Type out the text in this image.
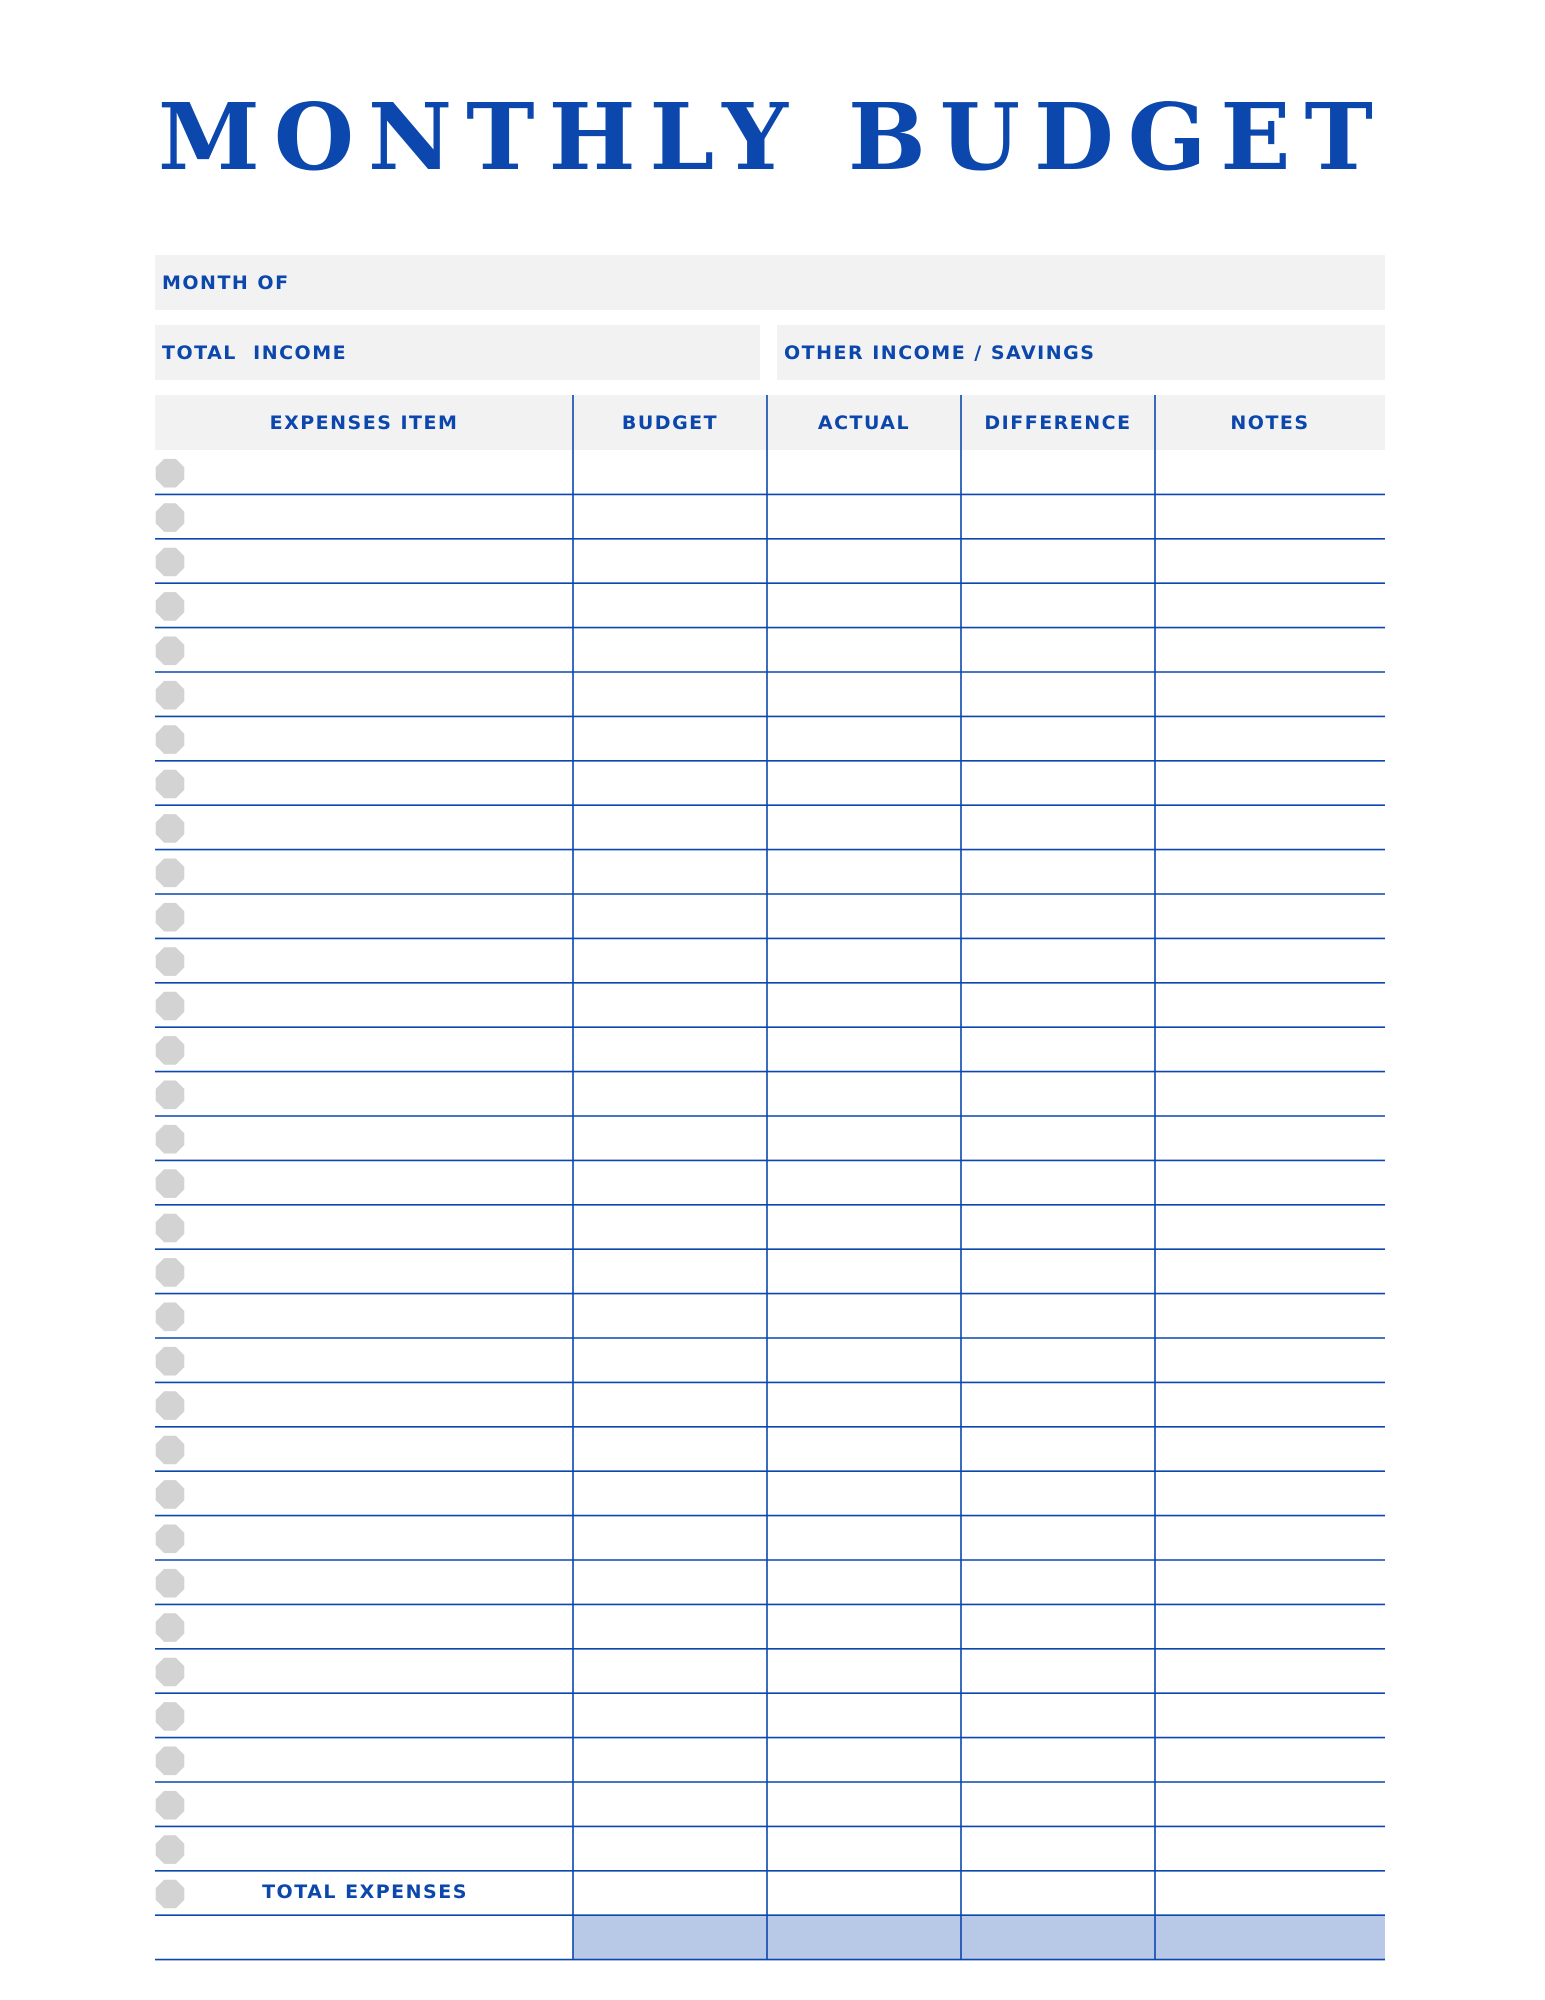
MONTHLY BUDGET
MONTH OF
TOTAL  INCOME	OTHER INCOME / SAVINGS
EXPENSES ITEM	BUDGET	ACTUAL	DIFFERENCE	NOTES
TOTAL EXPENSES
